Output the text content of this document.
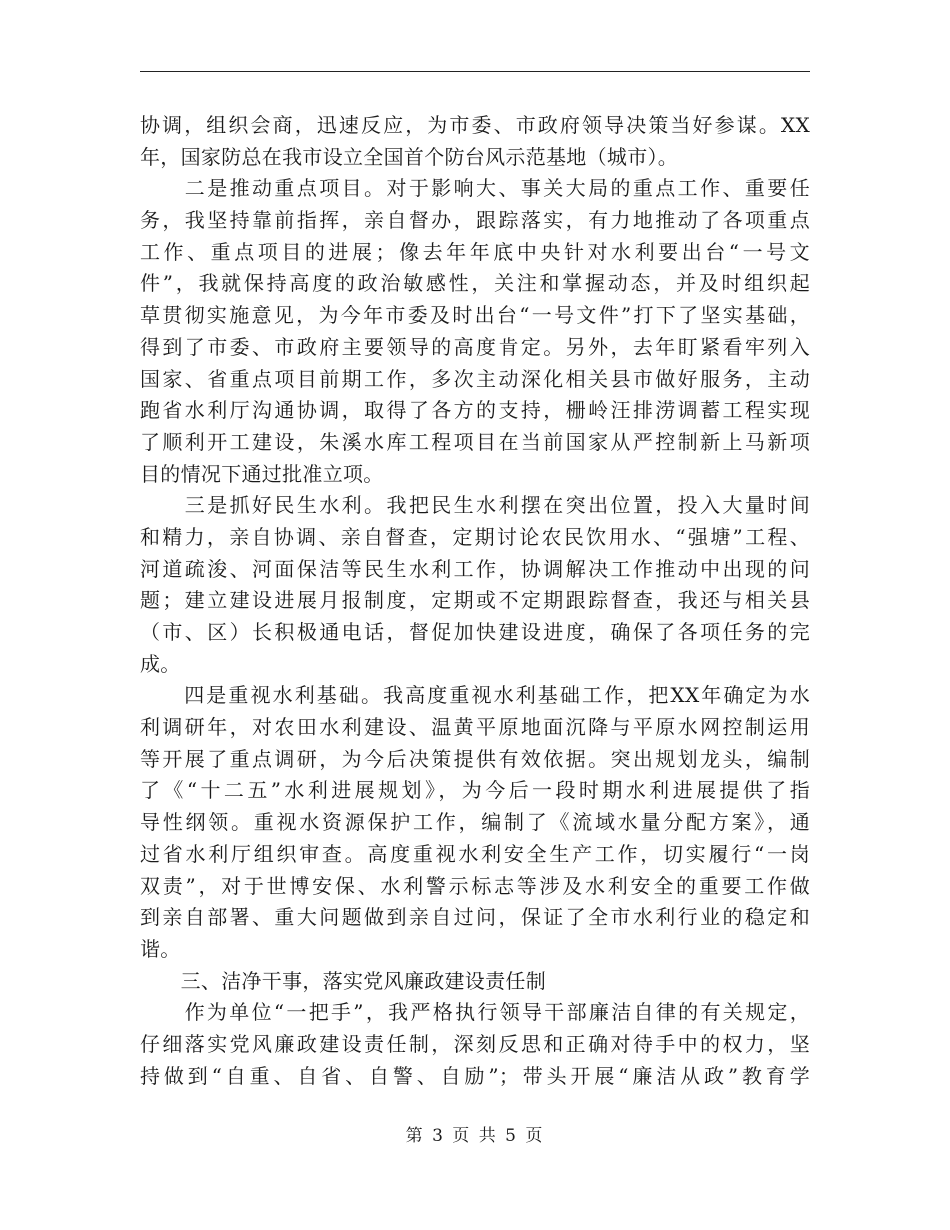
协调，组织会商，迅速反应，为市委、市政府领导决策当好参谋。XX
年，国家防总在我市设立全国首个防台风示范基地（城市）。
　　二是推动重点项目。对于影响大、事关大局的重点工作、重要任
务，我坚持靠前指挥，亲自督办，跟踪落实，有力地推动了各项重点
工作、重点项目的进展；像去年年底中央针对水利要出台“一号文
件”，我就保持高度的政治敏感性，关注和掌握动态，并及时组织起
草贯彻实施意见，为今年市委及时出台“一号文件”打下了坚实基础，
得到了市委、市政府主要领导的高度肯定。另外，去年盯紧看牢列入
国家、省重点项目前期工作，多次主动深化相关县市做好服务，主动
跑省水利厅沟通协调，取得了各方的支持，栅岭汪排涝调蓄工程实现
了顺利开工建设，朱溪水库工程项目在当前国家从严控制新上马新项
目的情况下通过批准立项。
　　三是抓好民生水利。我把民生水利摆在突出位置，投入大量时间
和精力，亲自协调、亲自督查，定期讨论农民饮用水、“强塘”工程、
河道疏浚、河面保洁等民生水利工作，协调解决工作推动中出现的问
题；建立建设进展月报制度，定期或不定期跟踪督查，我还与相关县
（市、区）长积极通电话，督促加快建设进度，确保了各项任务的完
成。
　　四是重视水利基础。我高度重视水利基础工作，把XX年确定为水
利调研年，对农田水利建设、温黄平原地面沉降与平原水网控制运用
等开展了重点调研，为今后决策提供有效依据。突出规划龙头，编制
了《“十二五”水利进展规划》，为今后一段时期水利进展提供了指
导性纲领。重视水资源保护工作，编制了《流域水量分配方案》，通
过省水利厅组织审查。高度重视水利安全生产工作，切实履行“一岗
双责”，对于世博安保、水利警示标志等涉及水利安全的重要工作做
到亲自部署、重大问题做到亲自过问，保证了全市水利行业的稳定和
谐。
　　三、洁净干事，落实党风廉政建设责任制
　　作为单位“一把手”，我严格执行领导干部廉洁自律的有关规定，
仔细落实党风廉政建设责任制，深刻反思和正确对待手中的权力，坚
持做到“自重、自省、自警、自励”；带头开展“廉洁从政”教育学
第 3 页 共 5 页
